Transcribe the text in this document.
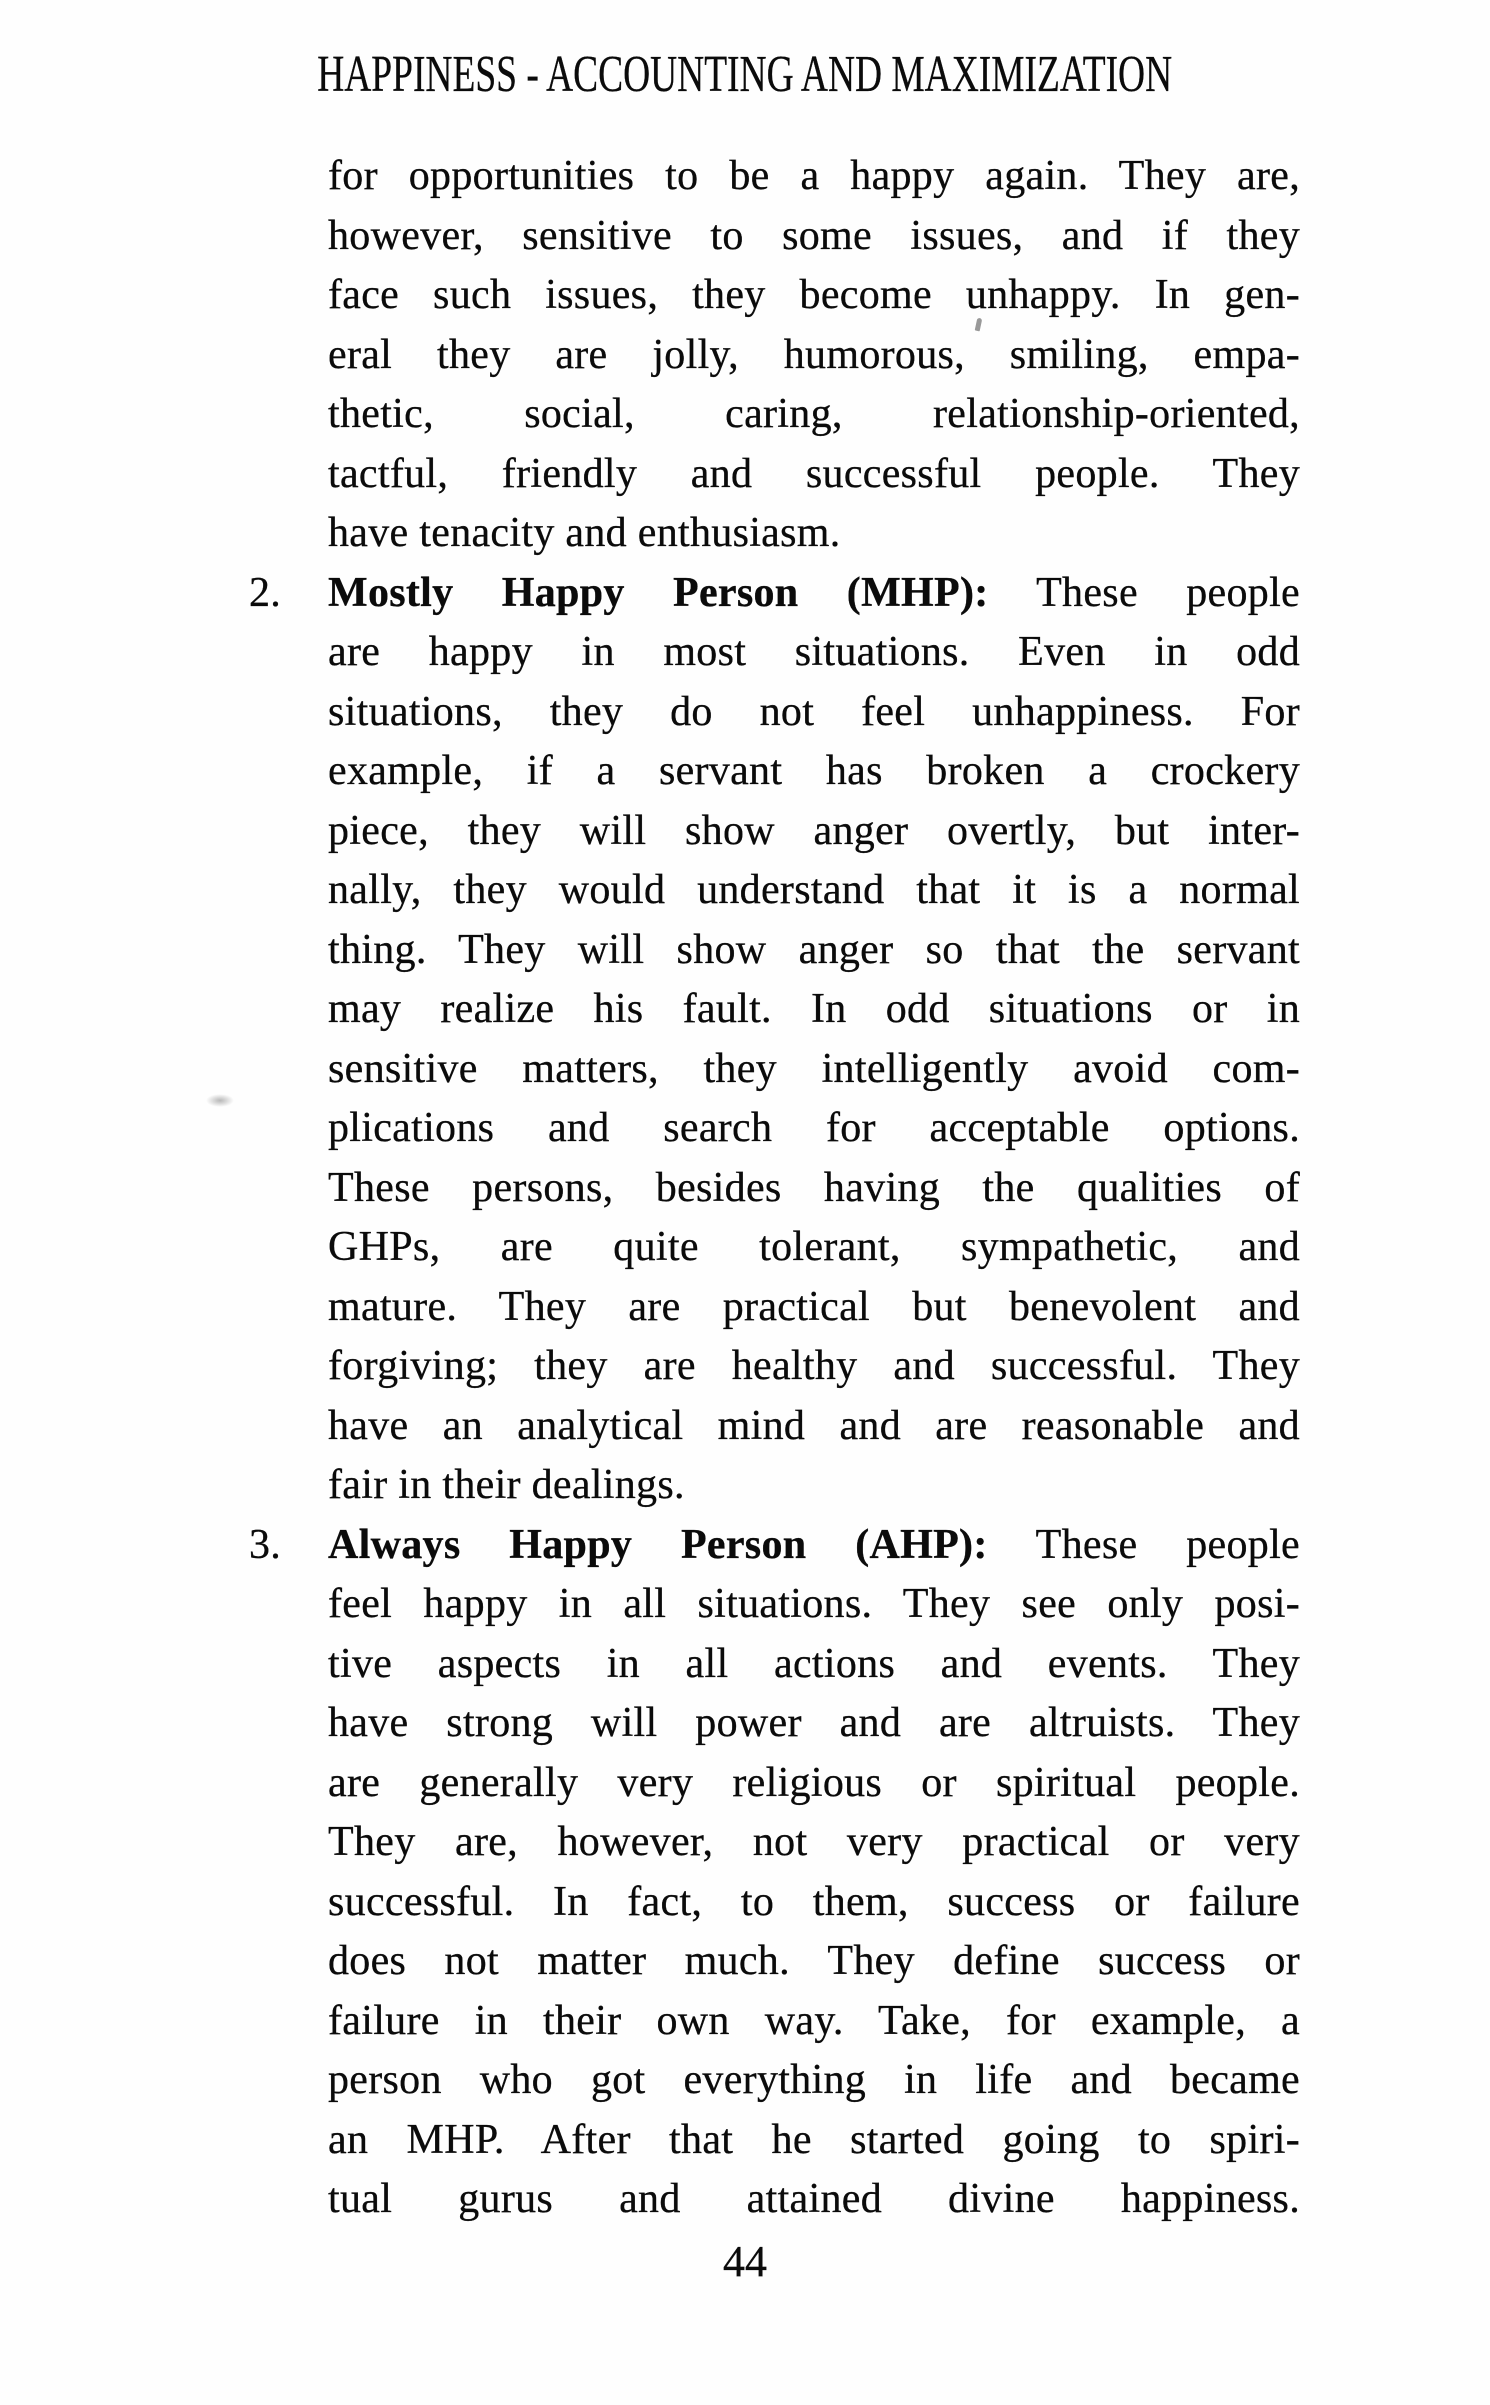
HAPPINESS - ACCOUNTING AND MAXIMIZATION
for opportunities to be a happy again. They are,
however, sensitive to some issues, and if they
face such issues, they become unhappy. In gen-
eral they are jolly, humorous, smiling, empa-
thetic, social, caring, relationship-oriented,
tactful, friendly and successful people. They
have tenacity and enthusiasm.
2.	Mostly Happy Person (MHP): These people
are happy in most situations. Even in odd
situations, they do not feel unhappiness. For
example, if a servant has broken a crockery
piece, they will show anger overtly, but inter-
nally, they would understand that it is a normal
thing. They will show anger so that the servant
may realize his fault. In odd situations or in
sensitive matters, they intelligently avoid com-
plications and search for acceptable options.
These persons, besides having the qualities of
GHPs, are quite tolerant, sympathetic, and
mature. They are practical but benevolent and
forgiving; they are healthy and successful. They
have an analytical mind and are reasonable and
fair in their dealings.
3.	Always Happy Person (AHP): These people
feel happy in all situations. They see only posi-
tive aspects in all actions and events. They
have strong will power and are altruists. They
are generally very religious or spiritual people.
They are, however, not very practical or very
successful. In fact, to them, success or failure
does not matter much. They define success or
failure in their own way. Take, for example, a
person who got everything in life and became
an MHP. After that he started going to spiri-
tual gurus and attained divine happiness.
44
